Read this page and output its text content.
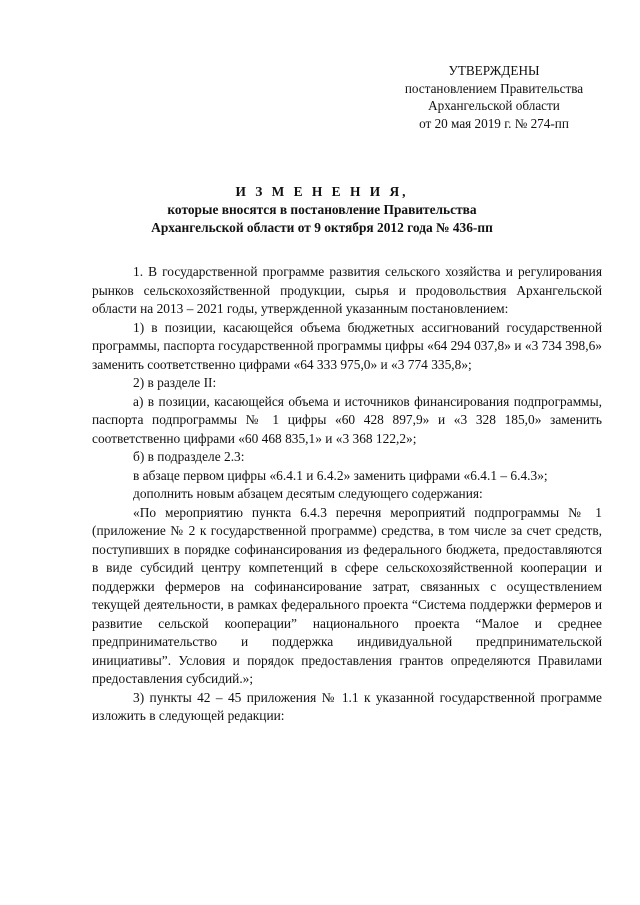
УТВЕРЖДЕНЫ
постановлением Правительства
Архангельской области
от 20 мая 2019 г. № 274-пп
И З М Е Н Е Н И Я,
которые вносятся в постановление Правительства
Архангельской области от 9 октября 2012 года № 436-пп

1. В государственной программе развития сельского хозяйства и регулирования рынков сельскохозяйственной продукции, сырья и продовольствия Архангельской области на 2013 – 2021 годы, утвержденной указанным постановлением:

1) в позиции, касающейся объема бюджетных ассигнований государственной программы, паспорта государственной программы цифры «64 294 037,8» и «3 734 398,6» заменить соответственно цифрами «64 333 975,0» и «3 774 335,8»;

2) в разделе II:

а) в позиции, касающейся объема и источников финансирования подпрограммы, паспорта подпрограммы № 1 цифры «60 428 897,9» и «3 328 185,0» заменить соответственно цифрами «60 468 835,1» и «3 368 122,2»;

б) в подразделе 2.3:

в абзаце первом цифры «6.4.1 и 6.4.2» заменить цифрами «6.4.1 – 6.4.3»;

дополнить новым абзацем десятым следующего содержания:

«По мероприятию пункта 6.4.3 перечня мероприятий подпрограммы № 1 (приложение № 2 к государственной программе) средства, в том числе за счет средств, поступивших в порядке софинансирования из федерального бюджета, предоставляются в виде субсидий центру компетенций в сфере сельскохозяйственной кооперации и поддержки фермеров на софинансирование затрат, связанных с осуществлением текущей деятельности, в рамках федерального проекта “Система поддержки фермеров и развитие сельской кооперации” национального проекта “Малое и среднее предпринимательство и поддержка индивидуальной предпринимательской инициативы”. Условия и порядок предоставления грантов определяются Правилами предоставления субсидий.»;

3) пункты 42 – 45 приложения № 1.1 к указанной государственной программе изложить в следующей редакции:
